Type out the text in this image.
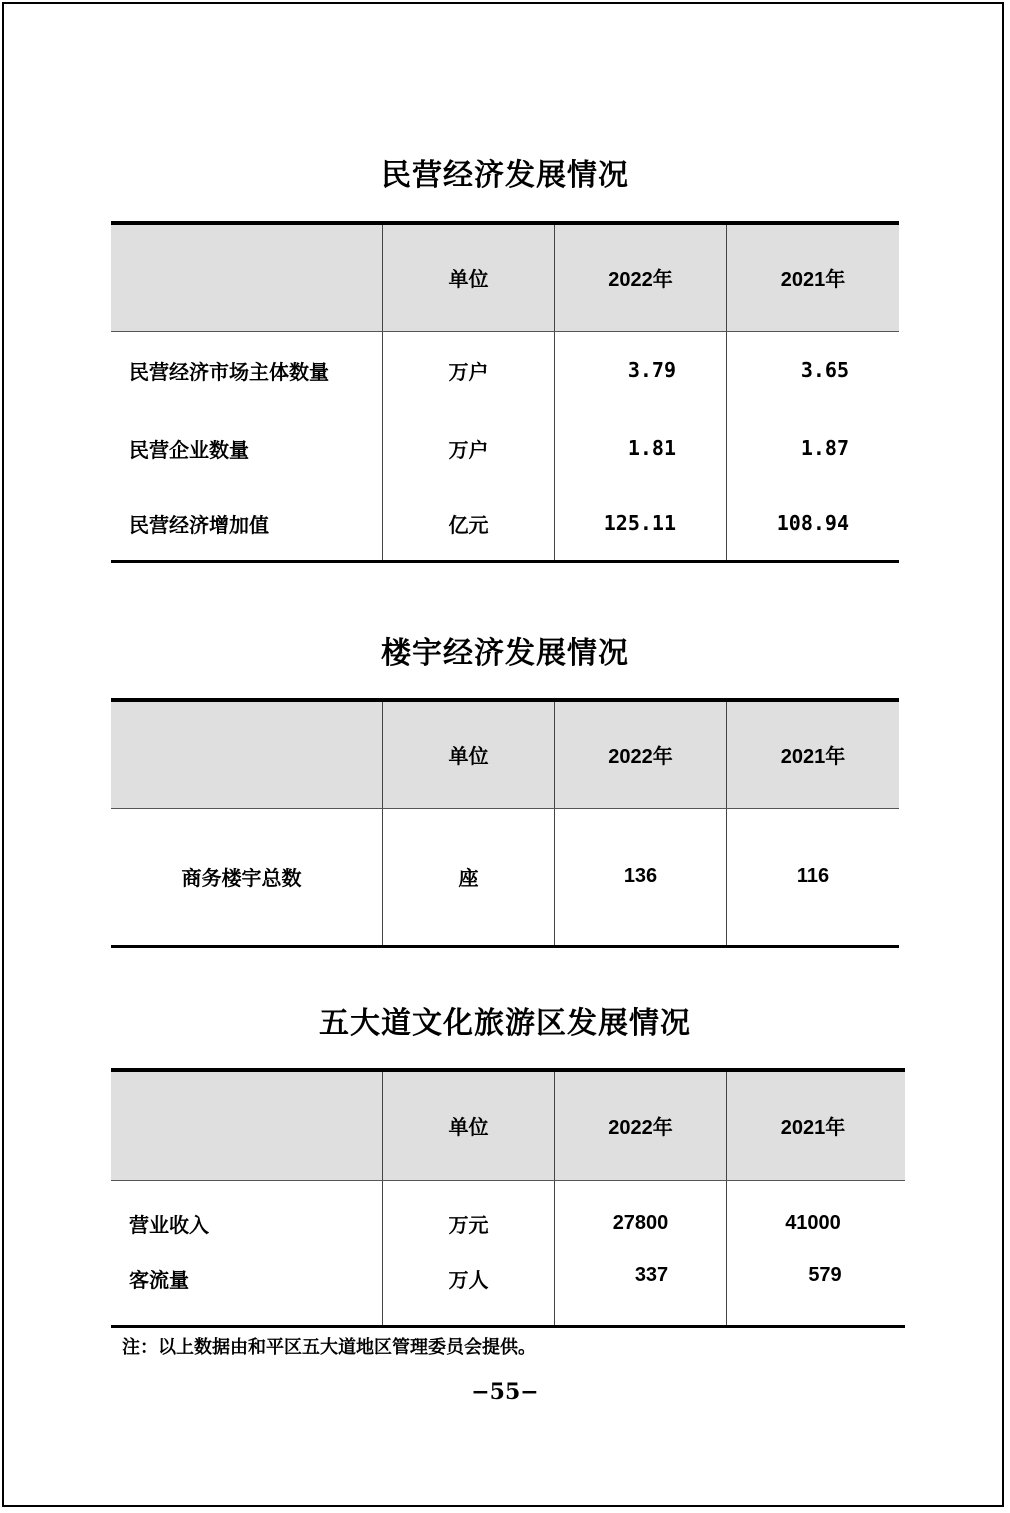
民营经济发展情况
	单位	2022年	2021年
民营经济市场主体数量	万户	3.79	3.65
民营企业数量	万户	1.81	1.87
民营经济增加值	亿元	125.11	108.94
楼宇经济发展情况
	单位	2022年	2021年
商务楼宇总数	座	136	116
五大道文化旅游区发展情况
	单位	2022年	2021年
营业收入	万元	27800	41000
客流量	万人	337	579
注：以上数据由和平区五大道地区管理委员会提供。
−55−
